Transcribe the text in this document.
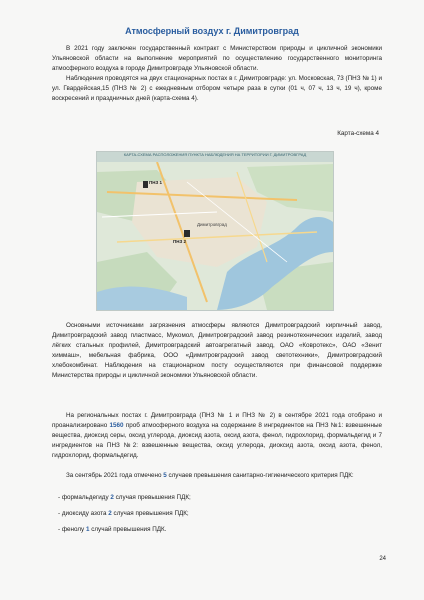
Атмосферный воздух г. Димитровград

В 2021 году заключен государственный контракт с Министерством природы и цикличной экономики Ульяновской области на выполнение мероприятий по осуществлению государственного мониторинга атмосферного воздуха в городе Димитровграде Ульяновской области.

Наблюдения проводятся на двух стационарных постах в г. Димитровграде: ул. Московская, 73 (ПНЗ № 1) и ул. Гвардейская,15 (ПНЗ № 2) с ежедневным отбором четыре раза в сутки (01 ч, 07 ч, 13 ч, 19 ч), кроме воскресений и праздничных дней (карта-схема 4).

Карта-схема 4
КАРТА-СХЕМА РАСПОЛОЖЕНИЯ ПУНКТА НАБЛЮДЕНИЯ НА ТЕРРИТОРИИ Г. ДИМИТРОВГРАД
ПНЗ 1
ПНЗ 2
Димитровград

Основными источниками загрязнения атмосферы являются Димитровградский кирпичный завод, Димитровградский завод пластмасс, Мукомол, Димитровградский завод резинотехнических изделий, завод лёгких стальных профилей, Димитровградский автоагрегатный завод, ОАО «Ковротекс», ОАО «Зенит химмаш», мебельная фабрика, ООО «Димитровградский завод светотехники», Димитровградский хлебокомбинат. Наблюдения на стационарном посту осуществляются при финансовой поддержке Министерства природы и цикличной экономики Ульяновской области.

На региональных постах г. Димитровграда (ПНЗ № 1 и ПНЗ № 2) в сентябре 2021 года отобрано и проанализировано 1560 проб атмосферного воздуха на содержание 8 ингредиентов на ПНЗ №1: взвешенные вещества, диоксид серы, оксид углерода, диоксид азота, оксид азота, фенол, гидрохлорид, формальдегид и 7 ингредиентов на ПНЗ №2: взвешенные вещества, оксид углерода, диоксид азота, оксид азота, фенол, гидрохлорид, формальдегид.

За сентябрь 2021 года отмечено 5 случаев превышения санитарно-гигиенического критерия ПДК:

- формальдегиду 2 случая превышения ПДК;
- диоксиду азота 2 случая превышения ПДК;
- фенолу 1 случай превышения ПДК.
24
